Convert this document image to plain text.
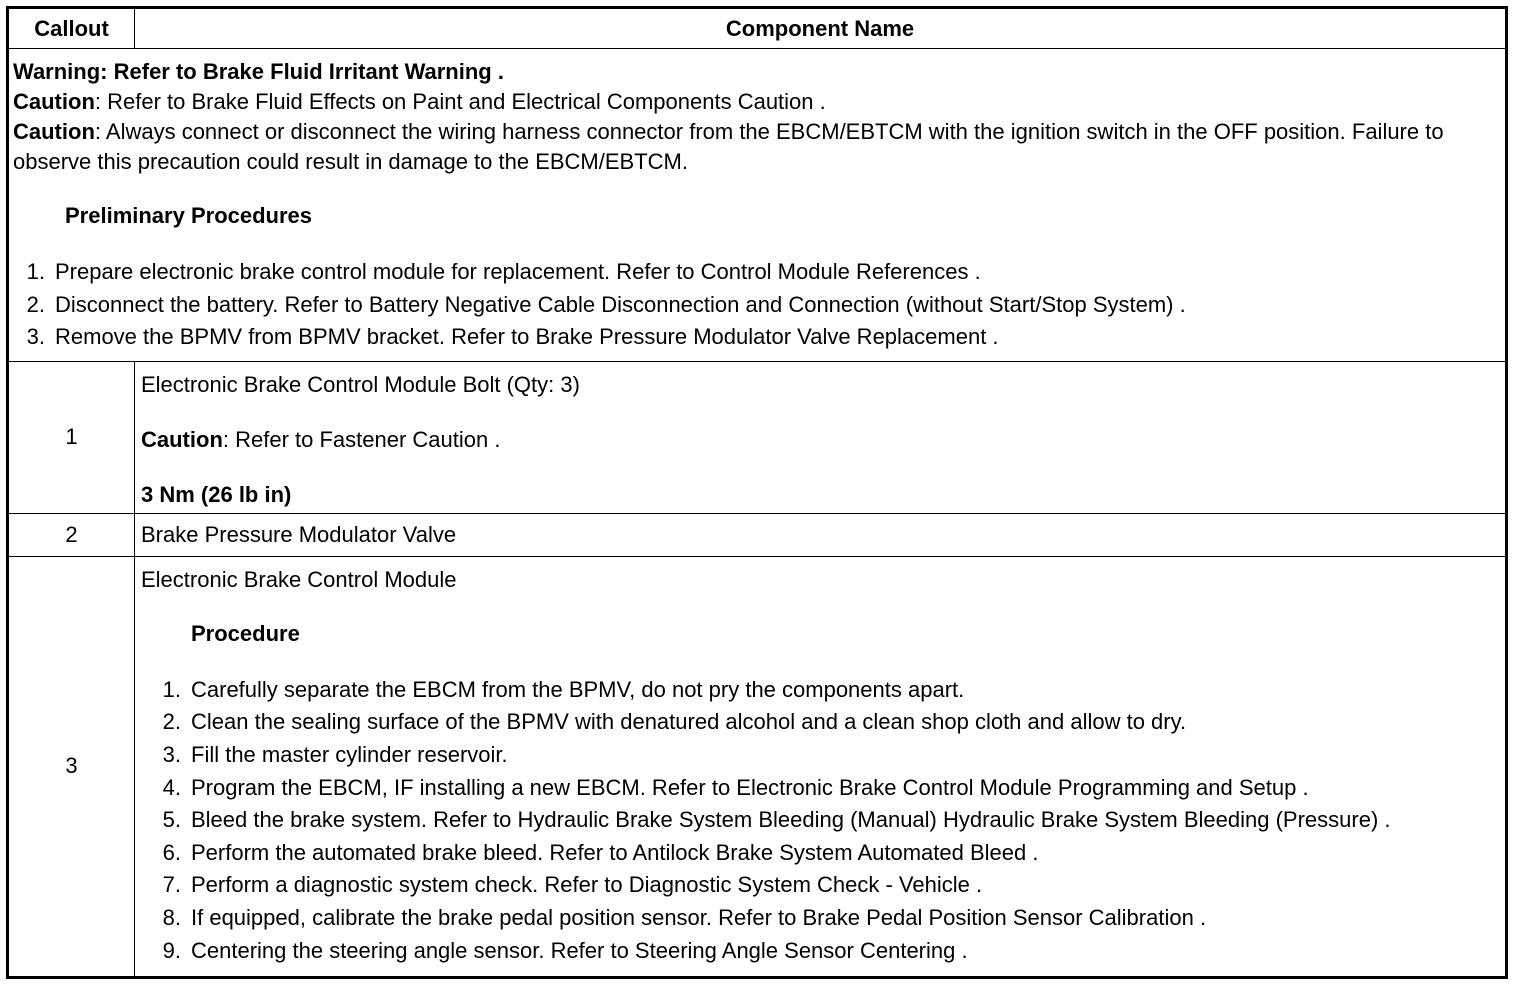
Callout	Component Name
Warning: Refer to Brake Fluid Irritant Warning .
Caution: Refer to Brake Fluid Effects on Paint and Electrical Components Caution .
Caution: Always connect or disconnect the wiring harness connector from the EBCM/EBTCM with the ignition switch in the OFF position. Failure to observe this precaution could result in damage to the EBCM/EBTCM.
Preliminary Procedures
1. Prepare electronic brake control module for replacement. Refer to Control Module References .
2. Disconnect the battery. Refer to Battery Negative Cable Disconnection and Connection (without Start/Stop System) .
3. Remove the BPMV from BPMV bracket. Refer to Brake Pressure Modulator Valve Replacement .
1
Electronic Brake Control Module Bolt (Qty: 3)
Caution: Refer to Fastener Caution .
3 Nm (26 lb in)
2	Brake Pressure Modulator Valve
3
Electronic Brake Control Module
Procedure
1. Carefully separate the EBCM from the BPMV, do not pry the components apart.
2. Clean the sealing surface of the BPMV with denatured alcohol and a clean shop cloth and allow to dry.
3. Fill the master cylinder reservoir.
4. Program the EBCM, IF installing a new EBCM. Refer to Electronic Brake Control Module Programming and Setup .
5. Bleed the brake system. Refer to Hydraulic Brake System Bleeding (Manual) Hydraulic Brake System Bleeding (Pressure) .
6. Perform the automated brake bleed. Refer to Antilock Brake System Automated Bleed .
7. Perform a diagnostic system check. Refer to Diagnostic System Check - Vehicle .
8. If equipped, calibrate the brake pedal position sensor. Refer to Brake Pedal Position Sensor Calibration .
9. Centering the steering angle sensor. Refer to Steering Angle Sensor Centering .
